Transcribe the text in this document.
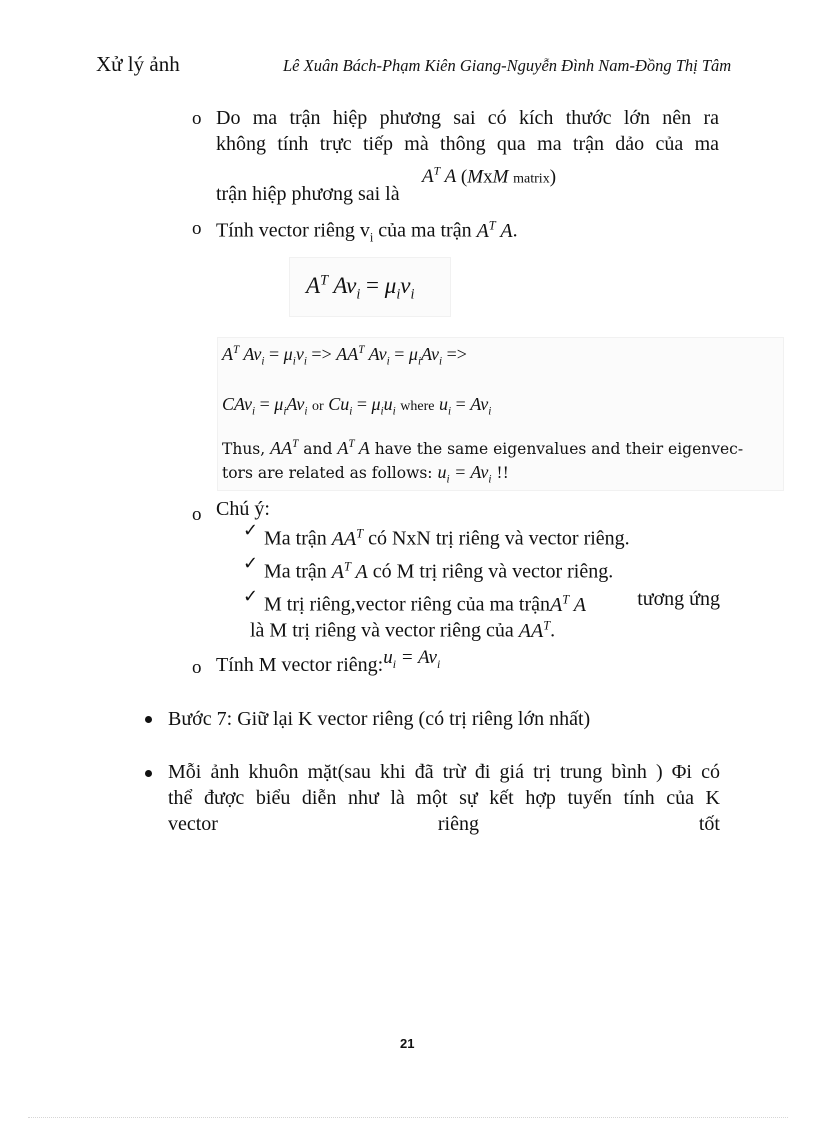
Xử lý ảnh	Lê Xuân Bách-Phạm Kiên Giang-Nguyễn Đình Nam-Đồng Thị Tâm
o Do ma trận hiệp phương sai có kích thước lớn nên ra
không tính trực tiếp mà thông qua ma trận dảo của ma
trận hiệp phương sai là
$A^T$ A (MxM matrix)
o Tính vector riêng $v_i$ của ma trận $A^T$ A.
$A^T$ $Av_i = \mu_iv_i$
$A^T$ $Av_i = \mu_iv_i => AA^T$ $Av_i = \mu_iAv_i$ =>
$CAv_i = \mu_iAv_i$ or $Cu_i = \mu_iu_i$ where $u_i = Av_i$
Thus, $AA^T$ and $A^T$ A have the same eigenvalues and their eigenvec-
tors are related as follows: $u_i = Av_i$ !!
o Chú ý:
✓ Ma trận $AA^T$ có NxN trị riêng và vector riêng.
✓ Ma trận $A^T$ A có M trị riêng và vector riêng.
✓ M trị riêng,vector riêng của ma trậnA$^T$ A	tương ứng
là M trị riêng và vector riêng của $AA^T$.
o Tính M vector $riêng:u_i = Av_i$
Bước 7: Giữ lại K vector riêng (có trị riêng lớn nhất)
Mỗi ảnh khuôn mặt(sau khi đã trừ đi giá trị trung bình ) Φi có
thể được biểu diễn như là một sự kết hợp tuyến tính của K
vector riêng tốt
21
